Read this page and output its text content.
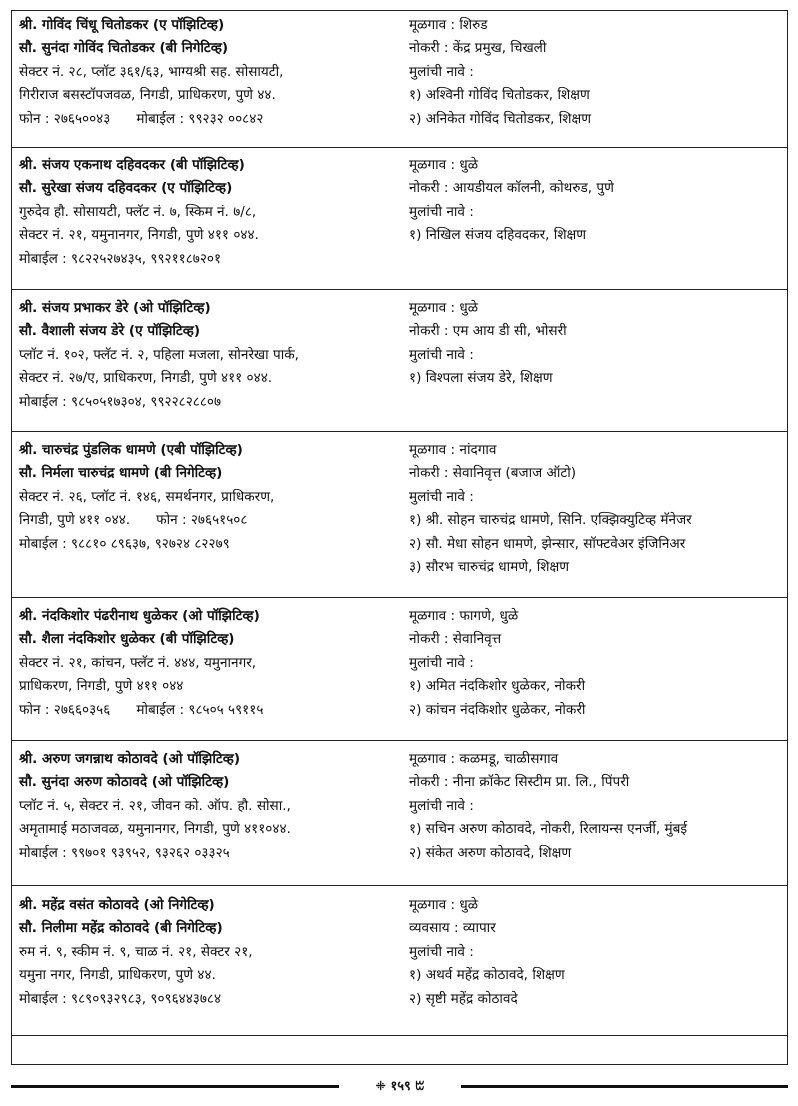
श्री. गोविंद चिंधू चितोडकर (ए पॉझिटिव्ह)
सौ. सुनंदा गोविंद चितोडकर (बी निगेटिव्ह)
सेक्टर नं. २८, प्लॉट ३६१/६३, भाग्यश्री सह. सोसायटी,
गिरीराज बसस्टॉपजवळ, निगडी, प्राधिकरण, पुणे ४४.
फोन : २७६५००४३ मोबाईल : ९९२३२ ००८४२
मूळगाव : शिरुड
नोकरी : केंद्र प्रमुख, चिखली
मुलांची नावे :
१) अश्विनी गोविंद चितोडकर, शिक्षण
२) अनिकेत गोविंद चितोडकर, शिक्षण
श्री. संजय एकनाथ दहिवदकर (बी पॉझिटिव्ह)
सौ. सुरेखा संजय दहिवदकर (ए पॉझिटिव्ह)
गुरुदेव हौ. सोसायटी, फ्लॅट नं. ७, स्किम नं. ७/८,
सेक्टर नं. २१, यमुनानगर, निगडी, पुणे ४११ ०४४.
मोबाईल : ९८२२५२७४३५, ९९२११८७२०१
मूळगाव : धुळे
नोकरी : आयडीयल कॉलनी, कोथरुड, पुणे
मुलांची नावे :
१) निखिल संजय दहिवदकर, शिक्षण
श्री. संजय प्रभाकर डेरे (ओ पॉझिटिव्ह)
सौ. वैशाली संजय डेरे (ए पॉझिटिव्ह)
प्लॉट नं. १०२, फ्लॅट नं. २, पहिला मजला, सोनरेखा पार्क,
सेक्टर नं. २७/ए, प्राधिकरण, निगडी, पुणे ४११ ०४४.
मोबाईल : ९८५०५१७३०४, ९९२२८२८८०७
मूळगाव : धुळे
नोकरी : एम आय डी सी, भोसरी
मुलांची नावे :
१) विश्पला संजय डेरे, शिक्षण
श्री. चारुचंद्र पुंडलिक धामणे (एबी पॉझिटिव्ह)
सौ. निर्मला चारुचंद्र धामणे (बी निगेटिव्ह)
सेक्टर नं. २६, प्लॉट नं. १४६, समर्थनगर, प्राधिकरण,
निगडी, पुणे ४११ ०४४. फोन : २७६५१५०८
मोबाईल : ९८८१० ८९६३७, ९२७२४ ८२२७९
मूळगाव : नांदगाव
नोकरी : सेवानिवृत्त (बजाज ऑटो)
मुलांची नावे :
१) श्री. सोहन चारुचंद्र धामणे, सिनि. एक्झिक्युटिव्ह मॅनेजर
२) सौ. मेधा सोहन धामणे, झेन्सार, सॉफ्टवेअर इंजिनिअर
३) सौरभ चारुचंद्र धामणे, शिक्षण
श्री. नंदकिशोर पंढरीनाथ धुळेकर (ओ पॉझिटिव्ह)
सौ. शैला नंदकिशोर धुळेकर (बी पॉझिटिव्ह)
सेक्टर नं. २१, कांचन, फ्लॅट नं. ४४४, यमुनानगर,
प्राधिकरण, निगडी, पुणे ४११ ०४४
फोन : २७६६०३५६ मोबाईल : ९८५०५ ५९११५
मूळगाव : फागणे, धुळे
नोकरी : सेवानिवृत्त
मुलांची नावे :
१) अमित नंदकिशोर धुळेकर, नोकरी
२) कांचन नंदकिशोर धुळेकर, नोकरी
श्री. अरुण जगन्नाथ कोठावदे (ओ पॉझिटिव्ह)
सौ. सुनंदा अरुण कोठावदे (ओ पॉझिटिव्ह)
प्लॉट नं. ५, सेक्टर नं. २१, जीवन को. ऑप. हौ. सोसा.,
अमृतामाई मठाजवळ, यमुनानगर, निगडी, पुणे ४११०४४.
मोबाईल : ९९७०१ ९३९५२, ९३२६२ ०३३२५
मूळगाव : कळमडू, चाळीसगाव
नोकरी : नीना क्रॉकेट सिस्टीम प्रा. लि., पिंपरी
मुलांची नावे :
१) सचिन अरुण कोठावदे, नोकरी, रिलायन्स एनर्जी, मुंबई
२) संकेत अरुण कोठावदे, शिक्षण
श्री. महेंद्र वसंत कोठावदे (ओ निगेटिव्ह)
सौ. निलीमा महेंद्र कोठावदे (बी निगेटिव्ह)
रुम नं. ९, स्कीम नं. ९, चाळ नं. २१, सेक्टर २१,
यमुना नगर, निगडी, प्राधिकरण, पुणे ४४.
मोबाईल : ९८९०९३२९८३, ९०९६४४३७८४
मूळगाव : धुळे
व्यवसाय : व्यापार
मुलांची नावे :
१) अथर्व महेंद्र कोठावदे, शिक्षण
२) सृष्टी महेंद्र कोठावदे
ꔰ १५९ ꔱ
